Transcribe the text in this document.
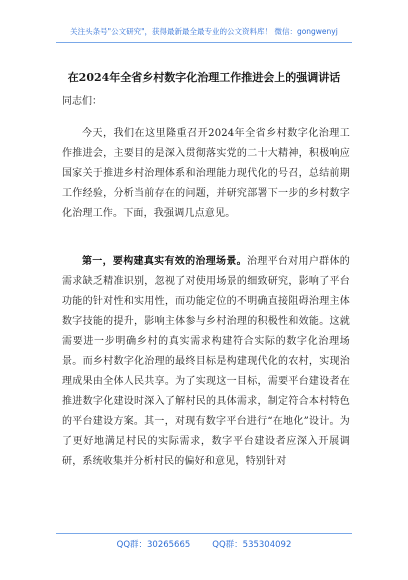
关注头条号"公文研究"，获得最新最全最专业的公文资料库！ 微信：gongwenyj
在2024年全省乡村数字化治理工作推进会上的强调讲话
同志们：
今天，我们在这里隆重召开2024年全省乡村数字化治理工作推进会，主要目的是深入贯彻落实党的二十大精神，积极响应国家关于推进乡村治理体系和治理能力现代化的号召，总结前期工作经验，分析当前存在的问题，并研究部署下一步的乡村数字化治理工作。下面，我强调几点意见。
第一，要构建真实有效的治理场景。治理平台对用户群体的需求缺乏精准识别，忽视了对使用场景的细致研究，影响了平台功能的针对性和实用性，而功能定位的不明确直接阻碍治理主体数字技能的提升，影响主体参与乡村治理的积极性和效能。这就需要进一步明确乡村的真实需求构建符合实际的数字化治理场景。而乡村数字化治理的最终目标是构建现代化的农村，实现治理成果由全体人民共享。为了实现这一目标，需要平台建设者在推进数字化建设时深入了解村民的具体需求，制定符合本村特色的平台建设方案。其一，对现有数字平台进行“在地化”设计。为了更好地满足村民的实际需求，数字平台建设者应深入开展调研，系统收集并分析村民的偏好和意见，特别针对
QQ群：30265665	QQ群：535304092
